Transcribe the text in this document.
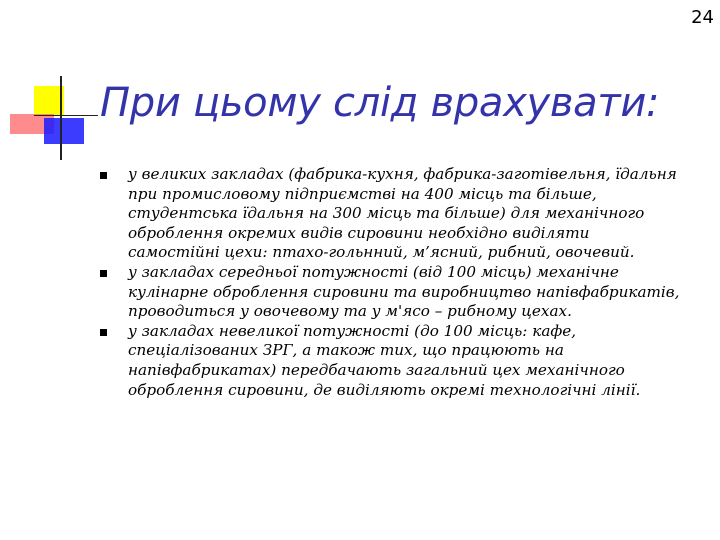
24
При цьому слід врахувати:
у великих закладах (фабрика-кухня, фабрика-заготівельня, їдальня
при промисловому підприємстві на 400 місць та більше,
студентська їдальня на 300 місць та більше) для механічного
оброблення окремих видів сировини необхідно виділяти
самостійні цехи: птахо-гольнний, м’ясний, рибний, овочевий.
у закладах середньої потужності (від 100 місць) механічне
кулінарне оброблення сировини та виробництво напівфабрикатів,
проводиться у овочевому та у м'ясо – рибному цехах.
у закладах невеликої потужності (до 100 місць: кафе,
спеціалізованих ЗРГ, а також тих, що працюють на
напівфабрикатах) передбачають загальний цех механічного
оброблення сировини, де виділяють окремі технологічні лінії.
